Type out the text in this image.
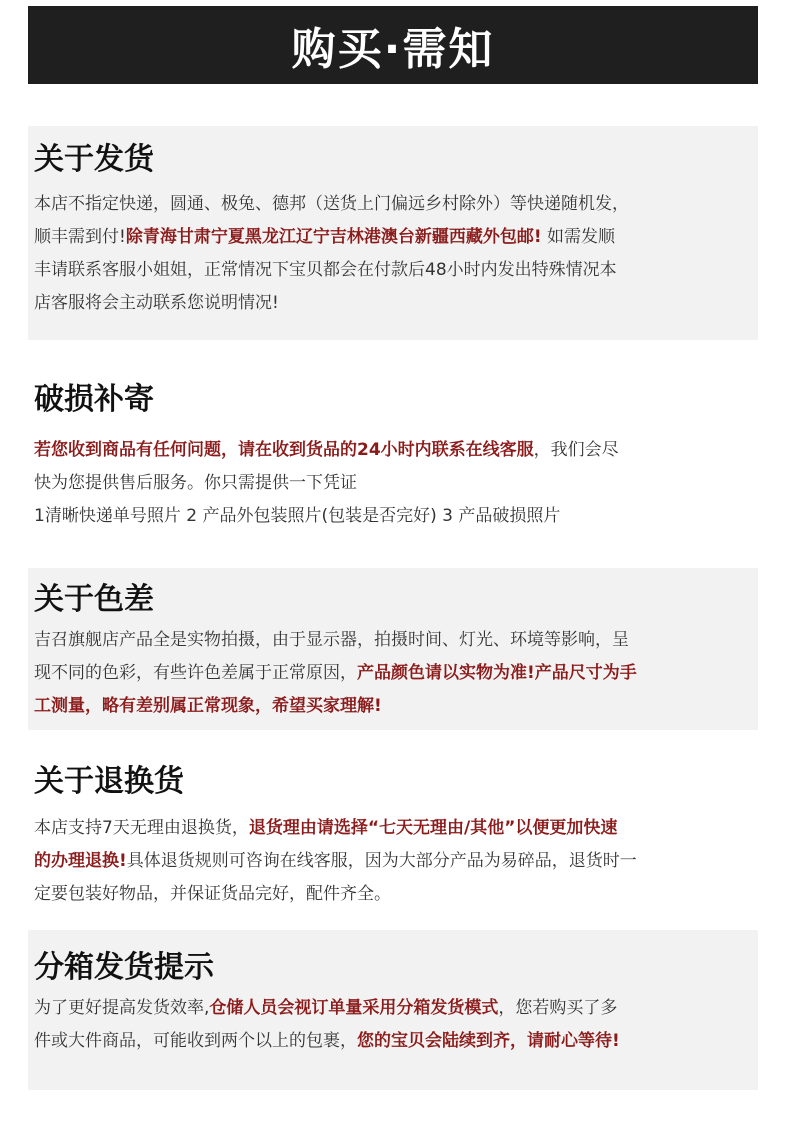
购买·需知
关于发货

本店不指定快递，圆通、极兔、德邦（送货上门偏远乡村除外）等快递随机发，
顺丰需到付!除青海甘肃宁夏黑龙江辽宁吉林港澳台新疆西藏外包邮! 如需发顺
丰请联系客服小姐姐，正常情况下宝贝都会在付款后48小时内发出特殊情况本
店客服将会主动联系您说明情况!

破损补寄

若您收到商品有任何问题，请在收到货品的24小时内联系在线客服，我们会尽
快为您提供售后服务。你只需提供一下凭证
1清晰快递单号照片 2 产品外包装照片(包装是否完好) 3 产品破损照片

关于色差

吉召旗舰店产品全是实物拍摄，由于显示器，拍摄时间、灯光、环境等影响，呈
现不同的色彩，有些许色差属于正常原因，产品颜色请以实物为准!产品尺寸为手
工测量，略有差别属正常现象，希望买家理解!

关于退换货

本店支持7天无理由退换货，退货理由请选择“七天无理由/其他”以便更加快速
的办理退换!具体退货规则可咨询在线客服，因为大部分产品为易碎品，退货时一
定要包装好物品，并保证货品完好，配件齐全。

分箱发货提示

为了更好提高发货效率,仓储人员会视订单量采用分箱发货模式，您若购买了多
件或大件商品，可能收到两个以上的包裹，您的宝贝会陆续到齐，请耐心等待!
